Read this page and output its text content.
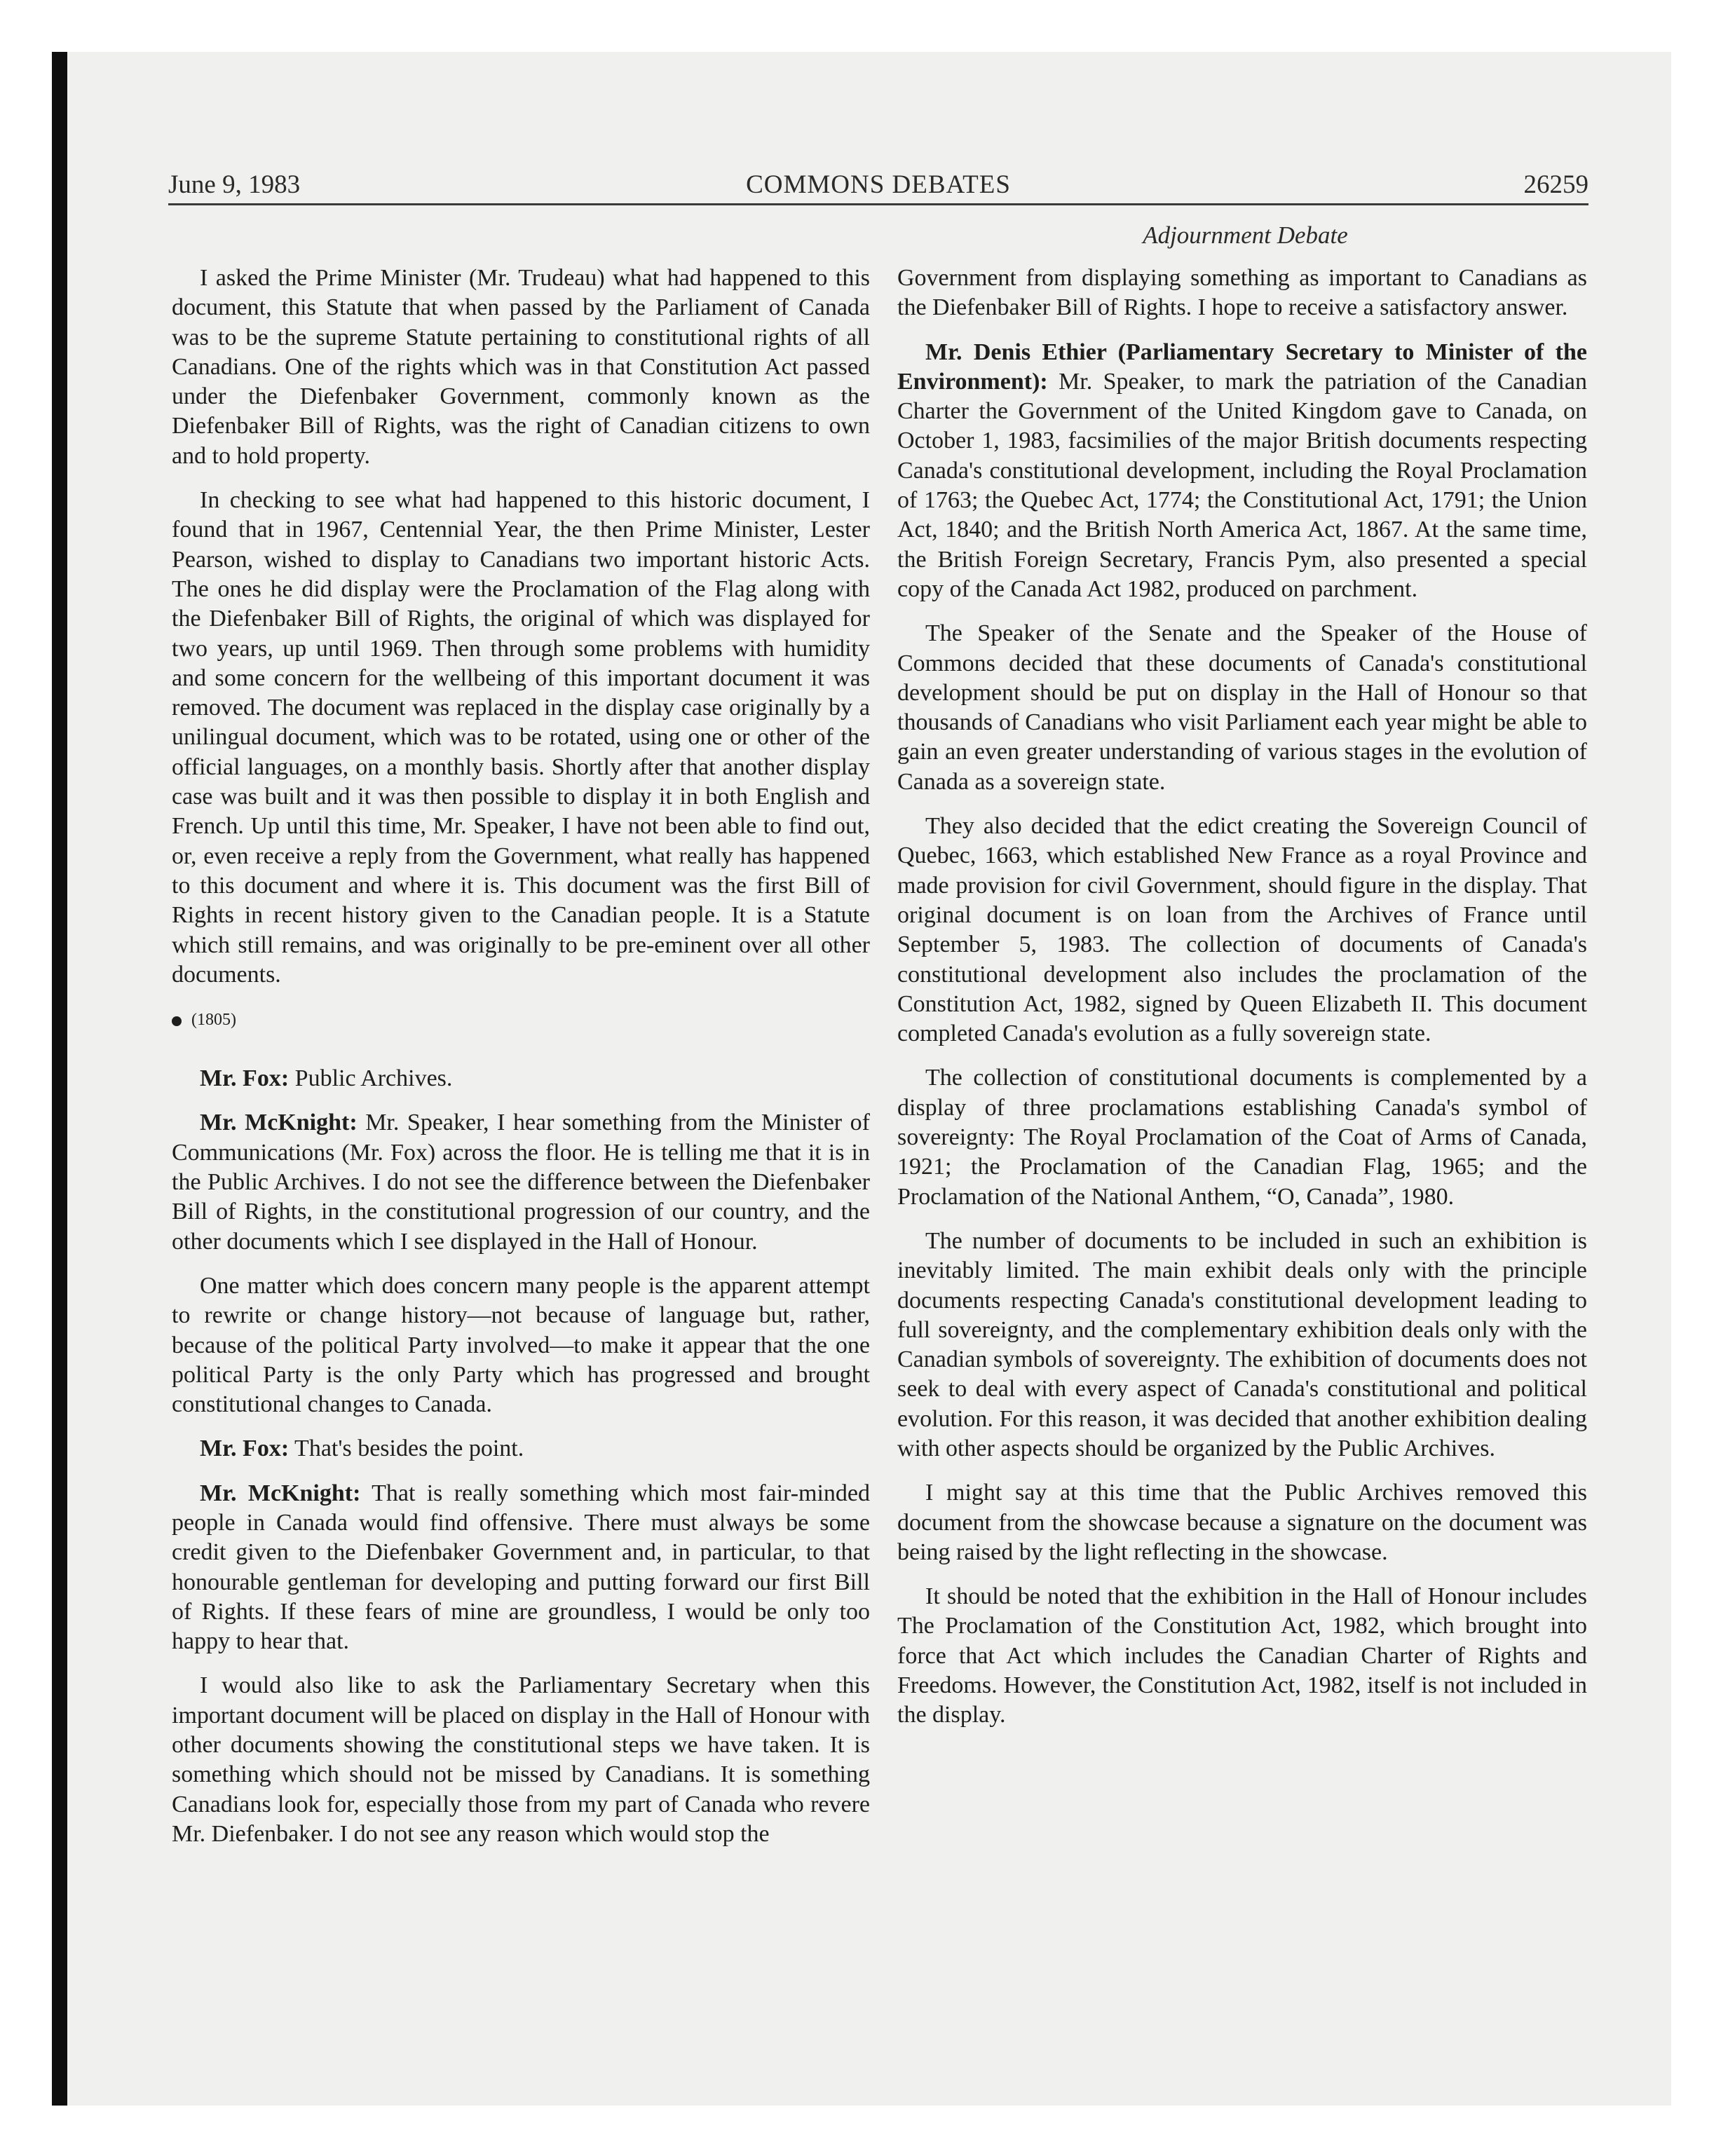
June 9, 1983	COMMONS DEBATES	26259
Adjournment Debate

I asked the Prime Minister (Mr. Trudeau) what had happened to this document, this Statute that when passed by the Parliament of Canada was to be the supreme Statute pertaining to constitutional rights of all Canadians. One of the rights which was in that Constitution Act passed under the Diefenbaker Government, commonly known as the Diefenbaker Bill of Rights, was the right of Canadian citizens to own and to hold property.

In checking to see what had happened to this historic document, I found that in 1967, Centennial Year, the then Prime Minister, Lester Pearson, wished to display to Canadians two important historic Acts. The ones he did display were the Proclamation of the Flag along with the Diefenbaker Bill of Rights, the original of which was displayed for two years, up until 1969. Then through some problems with humidity and some concern for the wellbeing of this important document it was removed. The document was replaced in the display case originally by a unilingual document, which was to be rotated, using one or other of the official languages, on a monthly basis. Shortly after that another display case was built and it was then possible to display it in both English and French. Up until this time, Mr. Speaker, I have not been able to find out, or, even receive a reply from the Government, what really has happened to this document and where it is. This document was the first Bill of Rights in recent history given to the Canadian people. It is a Statute which still remains, and was originally to be pre-eminent over all other documents.

(1805)

Mr. Fox: Public Archives.

Mr. McKnight: Mr. Speaker, I hear something from the Minister of Communications (Mr. Fox) across the floor. He is telling me that it is in the Public Archives. I do not see the difference between the Diefenbaker Bill of Rights, in the constitutional progression of our country, and the other documents which I see displayed in the Hall of Honour.

One matter which does concern many people is the apparent attempt to rewrite or change history—not because of language but, rather, because of the political Party involved—to make it appear that the one political Party is the only Party which has progressed and brought constitutional changes to Canada.

Mr. Fox: That's besides the point.

Mr. McKnight: That is really something which most fair-minded people in Canada would find offensive. There must always be some credit given to the Diefenbaker Government and, in particular, to that honourable gentleman for developing and putting forward our first Bill of Rights. If these fears of mine are groundless, I would be only too happy to hear that.

I would also like to ask the Parliamentary Secretary when this important document will be placed on display in the Hall of Honour with other documents showing the constitutional steps we have taken. It is something which should not be missed by Canadians. It is something Canadians look for, especially those from my part of Canada who revere Mr. Diefenbaker. I do not see any reason which would stop the

Government from displaying something as important to Canadians as the Diefenbaker Bill of Rights. I hope to receive a satisfactory answer.

Mr. Denis Ethier (Parliamentary Secretary to Minister of the Environment): Mr. Speaker, to mark the patriation of the Canadian Charter the Government of the United Kingdom gave to Canada, on October 1, 1983, facsimilies of the major British documents respecting Canada's constitutional development, including the Royal Proclamation of 1763; the Quebec Act, 1774; the Constitutional Act, 1791; the Union Act, 1840; and the British North America Act, 1867. At the same time, the British Foreign Secretary, Francis Pym, also presented a special copy of the Canada Act 1982, produced on parchment.

The Speaker of the Senate and the Speaker of the House of Commons decided that these documents of Canada's constitutional development should be put on display in the Hall of Honour so that thousands of Canadians who visit Parliament each year might be able to gain an even greater understanding of various stages in the evolution of Canada as a sovereign state.

They also decided that the edict creating the Sovereign Council of Quebec, 1663, which established New France as a royal Province and made provision for civil Government, should figure in the display. That original document is on loan from the Archives of France until September 5, 1983. The collection of documents of Canada's constitutional development also includes the proclamation of the Constitution Act, 1982, signed by Queen Elizabeth II. This document completed Canada's evolution as a fully sovereign state.

The collection of constitutional documents is complemented by a display of three proclamations establishing Canada's symbol of sovereignty: The Royal Proclamation of the Coat of Arms of Canada, 1921; the Proclamation of the Canadian Flag, 1965; and the Proclamation of the National Anthem, “O, Canada”, 1980.

The number of documents to be included in such an exhibition is inevitably limited. The main exhibit deals only with the principle documents respecting Canada's constitutional development leading to full sovereignty, and the complementary exhibition deals only with the Canadian symbols of sovereignty. The exhibition of documents does not seek to deal with every aspect of Canada's constitutional and political evolution. For this reason, it was decided that another exhibition dealing with other aspects should be organized by the Public Archives.

I might say at this time that the Public Archives removed this document from the showcase because a signature on the document was being raised by the light reflecting in the showcase.

It should be noted that the exhibition in the Hall of Honour includes The Proclamation of the Constitution Act, 1982, which brought into force that Act which includes the Canadian Charter of Rights and Freedoms. However, the Constitution Act, 1982, itself is not included in the display.
